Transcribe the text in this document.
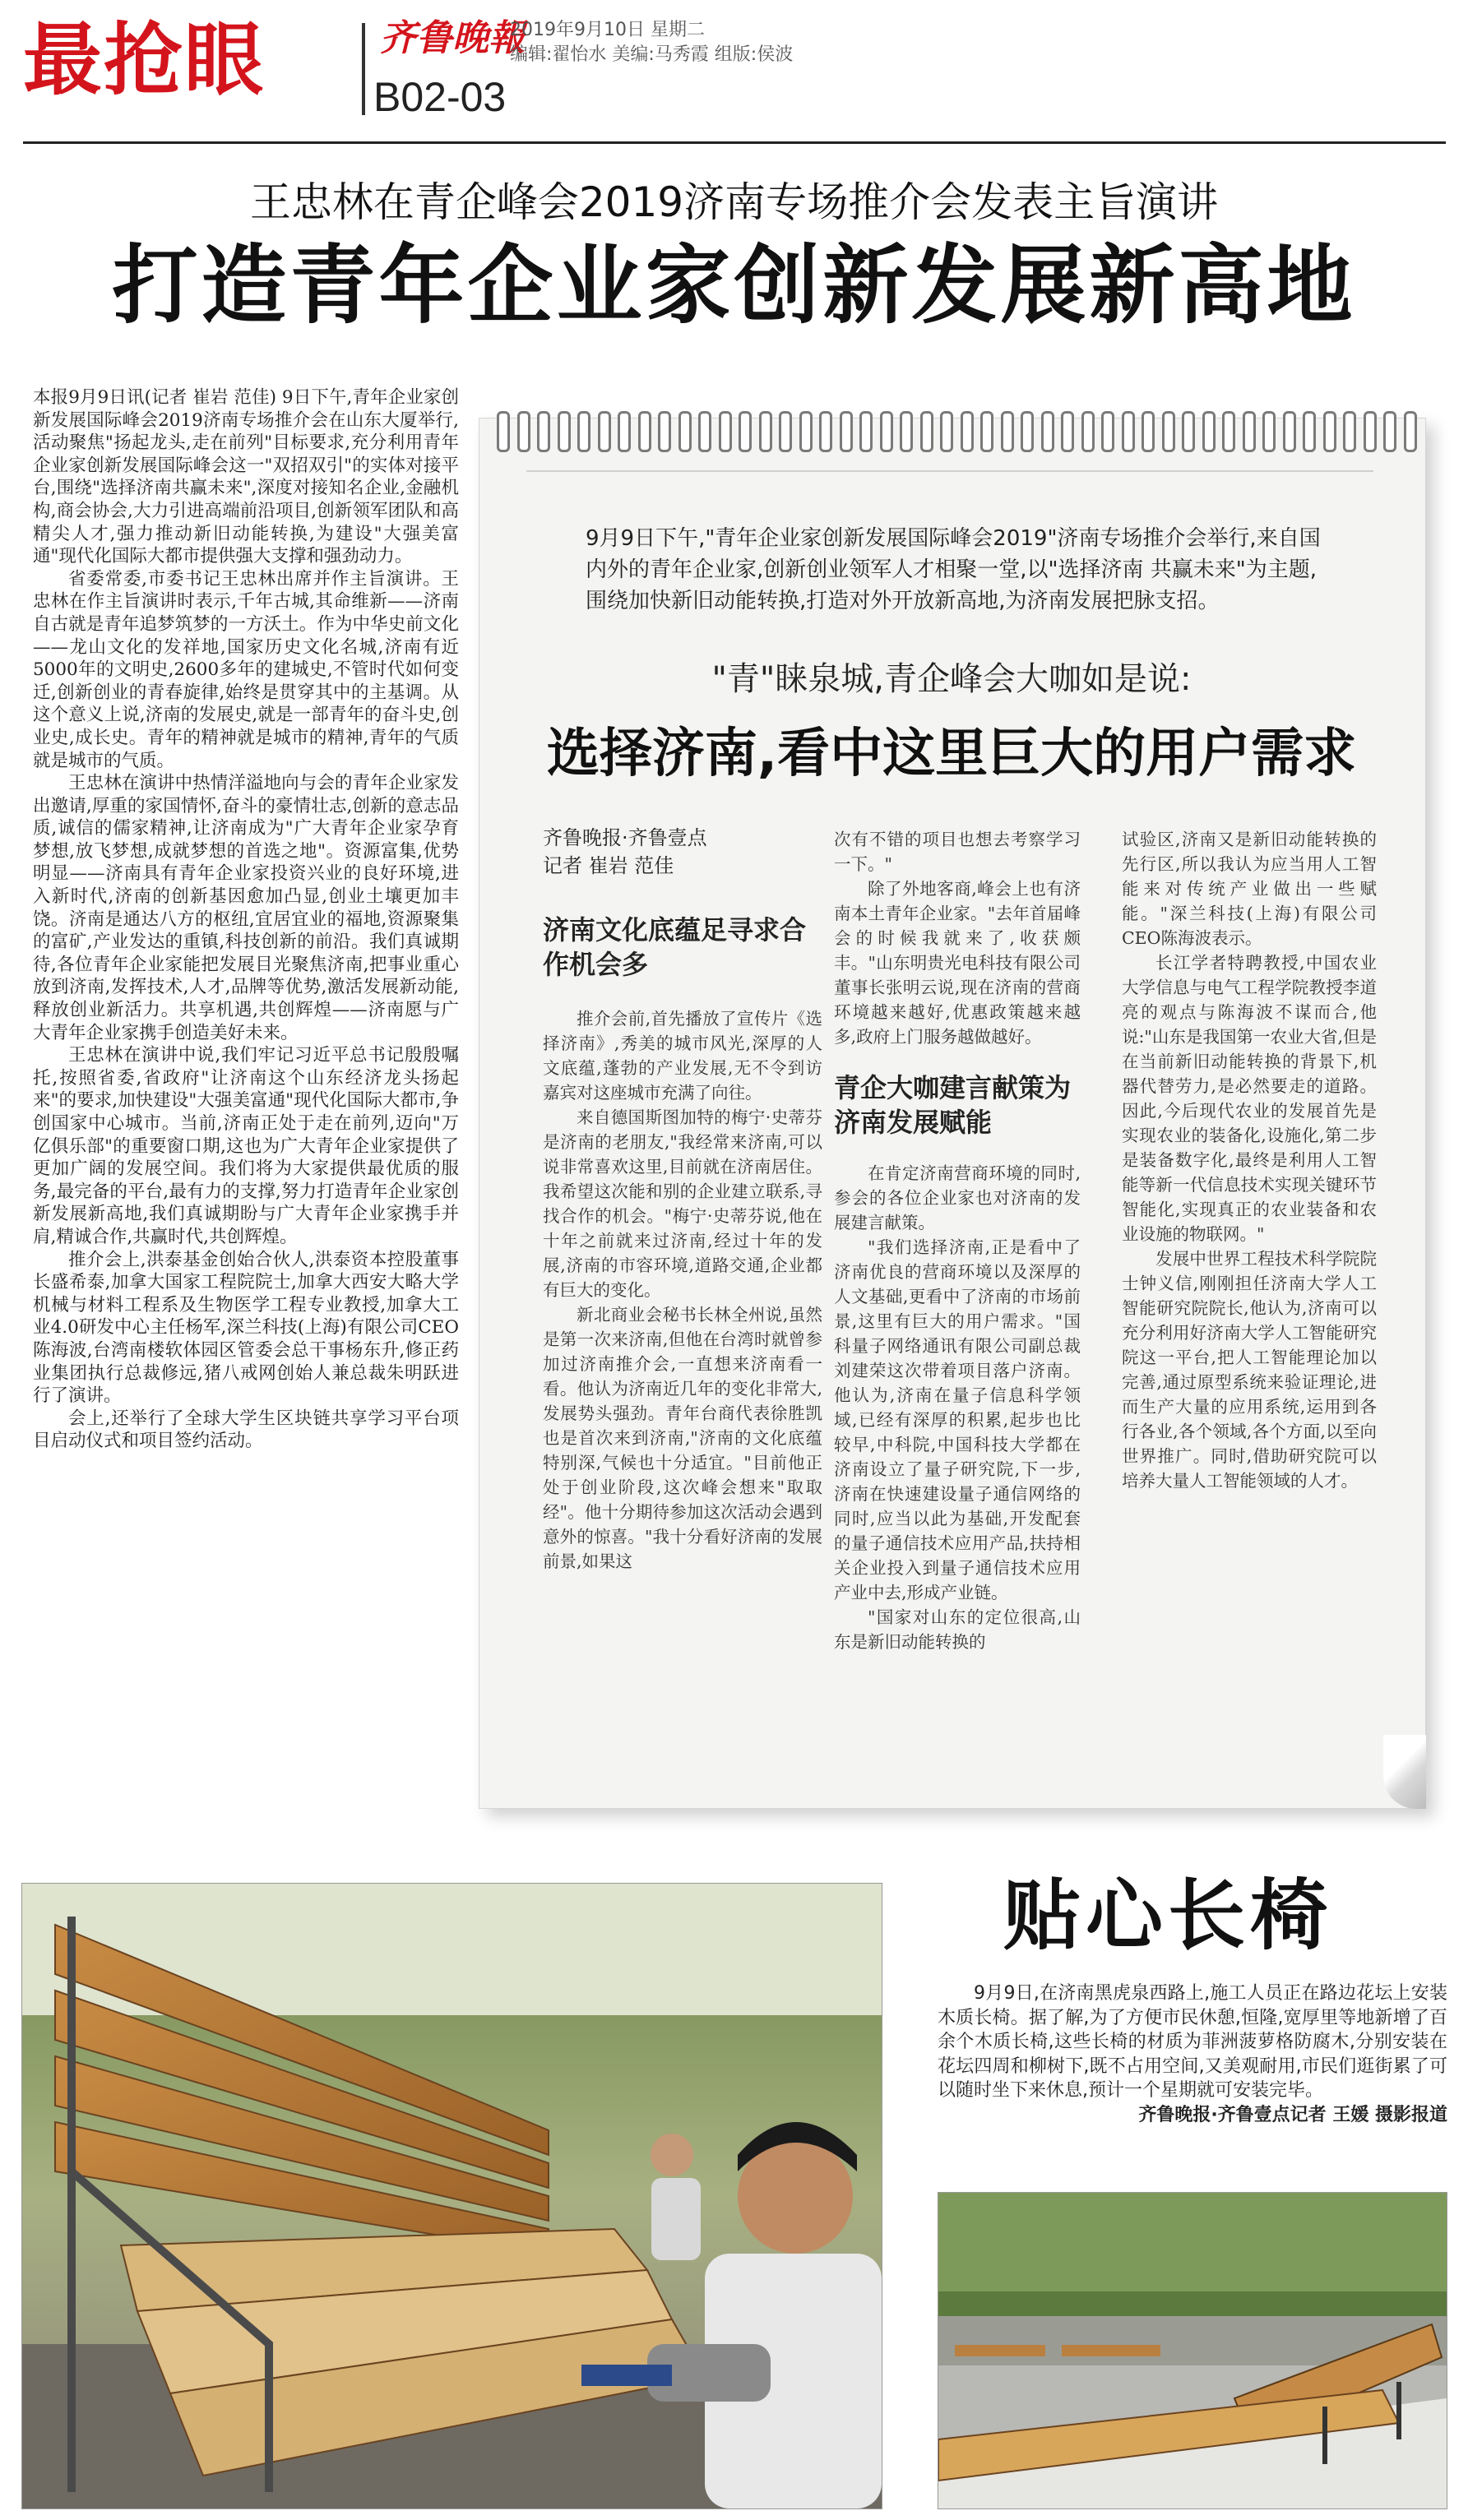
最抢眼	齐鲁晚報
B02-03
2019年9月10日 星期二
编辑:翟怡水 美编:马秀霞 组版:侯波
王忠林在青企峰会2019济南专场推介会发表主旨演讲
打造青年企业家创新发展新高地

本报9月9日讯(记者 崔岩 范佳) 9日下午,青年企业家创新发展国际峰会2019济南专场推介会在山东大厦举行,活动聚焦"扬起龙头,走在前列"目标要求,充分利用青年企业家创新发展国际峰会这一"双招双引"的实体对接平台,围绕"选择济南共赢未来",深度对接知名企业,金融机构,商会协会,大力引进高端前沿项目,创新领军团队和高精尖人才,强力推动新旧动能转换,为建设"大强美富通"现代化国际大都市提供强大支撑和强劲动力。

省委常委,市委书记王忠林出席并作主旨演讲。王忠林在作主旨演讲时表示,千年古城,其命维新——济南自古就是青年追梦筑梦的一方沃土。作为中华史前文化——龙山文化的发祥地,国家历史文化名城,济南有近5000年的文明史,2600多年的建城史,不管时代如何变迁,创新创业的青春旋律,始终是贯穿其中的主基调。从这个意义上说,济南的发展史,就是一部青年的奋斗史,创业史,成长史。青年的精神就是城市的精神,青年的气质就是城市的气质。

王忠林在演讲中热情洋溢地向与会的青年企业家发出邀请,厚重的家国情怀,奋斗的豪情壮志,创新的意志品质,诚信的儒家精神,让济南成为"广大青年企业家孕育梦想,放飞梦想,成就梦想的首选之地"。资源富集,优势明显——济南具有青年企业家投资兴业的良好环境,进入新时代,济南的创新基因愈加凸显,创业土壤更加丰饶。济南是通达八方的枢纽,宜居宜业的福地,资源聚集的富矿,产业发达的重镇,科技创新的前沿。我们真诚期待,各位青年企业家能把发展目光聚焦济南,把事业重心放到济南,发挥技术,人才,品牌等优势,激活发展新动能,释放创业新活力。共享机遇,共创辉煌——济南愿与广大青年企业家携手创造美好未来。

王忠林在演讲中说,我们牢记习近平总书记殷殷嘱托,按照省委,省政府"让济南这个山东经济龙头扬起来"的要求,加快建设"大强美富通"现代化国际大都市,争创国家中心城市。当前,济南正处于走在前列,迈向"万亿俱乐部"的重要窗口期,这也为广大青年企业家提供了更加广阔的发展空间。我们将为大家提供最优质的服务,最完备的平台,最有力的支撑,努力打造青年企业家创新发展新高地,我们真诚期盼与广大青年企业家携手并肩,精诚合作,共赢时代,共创辉煌。

推介会上,洪泰基金创始合伙人,洪泰资本控股董事长盛希泰,加拿大国家工程院院士,加拿大西安大略大学机械与材料工程系及生物医学工程专业教授,加拿大工业4.0研发中心主任杨军,深兰科技(上海)有限公司CEO陈海波,台湾南楼软体园区管委会总干事杨东升,修正药业集团执行总裁修远,猪八戒网创始人兼总裁朱明跃进行了演讲。

会上,还举行了全球大学生区块链共享学习平台项目启动仪式和项目签约活动。

9月9日下午,"青年企业家创新发展国际峰会2019"济南专场推介会举行,来自国内外的青年企业家,创新创业领军人才相聚一堂,以"选择济南 共赢未来"为主题,围绕加快新旧动能转换,打造对外开放新高地,为济南发展把脉支招。
"青"睐泉城,青企峰会大咖如是说:
选择济南,看中这里巨大的用户需求
齐鲁晚报·齐鲁壹点
记者 崔岩 范佳
济南文化底蕴足寻求合作机会多

推介会前,首先播放了宣传片《选择济南》,秀美的城市风光,深厚的人文底蕴,蓬勃的产业发展,无不令到访嘉宾对这座城市充满了向往。

来自德国斯图加特的梅宁·史蒂芬是济南的老朋友,"我经常来济南,可以说非常喜欢这里,目前就在济南居住。我希望这次能和别的企业建立联系,寻找合作的机会。"梅宁·史蒂芬说,他在十年之前就来过济南,经过十年的发展,济南的市容环境,道路交通,企业都有巨大的变化。

新北商业会秘书长林全州说,虽然是第一次来济南,但他在台湾时就曾参加过济南推介会,一直想来济南看一看。他认为济南近几年的变化非常大,发展势头强劲。青年台商代表徐胜凯也是首次来到济南,"济南的文化底蕴特别深,气候也十分适宜。"目前他正处于创业阶段,这次峰会想来"取取经"。他十分期待参加这次活动会遇到意外的惊喜。"我十分看好济南的发展前景,如果这

次有不错的项目也想去考察学习一下。"

除了外地客商,峰会上也有济南本土青年企业家。"去年首届峰会的时候我就来了,收获颇丰。"山东明贵光电科技有限公司董事长张明云说,现在济南的营商环境越来越好,优惠政策越来越多,政府上门服务越做越好。

青企大咖建言献策为济南发展赋能

在肯定济南营商环境的同时,参会的各位企业家也对济南的发展建言献策。

"我们选择济南,正是看中了济南优良的营商环境以及深厚的人文基础,更看中了济南的市场前景,这里有巨大的用户需求。"国科量子网络通讯有限公司副总裁刘建荣这次带着项目落户济南。他认为,济南在量子信息科学领域,已经有深厚的积累,起步也比较早,中科院,中国科技大学都在济南设立了量子研究院,下一步,济南在快速建设量子通信网络的同时,应当以此为基础,开发配套的量子通信技术应用产品,扶持相关企业投入到量子通信技术应用产业中去,形成产业链。

"国家对山东的定位很高,山东是新旧动能转换的

试验区,济南又是新旧动能转换的先行区,所以我认为应当用人工智能来对传统产业做出一些赋能。"深兰科技(上海)有限公司CEO陈海波表示。

长江学者特聘教授,中国农业大学信息与电气工程学院教授李道亮的观点与陈海波不谋而合,他说:"山东是我国第一农业大省,但是在当前新旧动能转换的背景下,机器代替劳力,是必然要走的道路。因此,今后现代农业的发展首先是实现农业的装备化,设施化,第二步是装备数字化,最终是利用人工智能等新一代信息技术实现关键环节智能化,实现真正的农业装备和农业设施的物联网。"

发展中世界工程技术科学院院士钟义信,刚刚担任济南大学人工智能研究院院长,他认为,济南可以充分利用好济南大学人工智能研究院这一平台,把人工智能理论加以完善,通过原型系统来验证理论,进而生产大量的应用系统,运用到各行各业,各个领域,各个方面,以至向世界推广。同时,借助研究院可以培养大量人工智能领域的人才。

贴心长椅
9月9日,在济南黑虎泉西路上,施工人员正在路边花坛上安装木质长椅。据了解,为了方便市民休憩,恒隆,宽厚里等地新增了百余个木质长椅,这些长椅的材质为菲洲菠萝格防腐木,分别安装在花坛四周和柳树下,既不占用空间,又美观耐用,市民们逛街累了可以随时坐下来休息,预计一个星期就可安装完毕。
齐鲁晚报·齐鲁壹点记者 王媛 摄影报道
